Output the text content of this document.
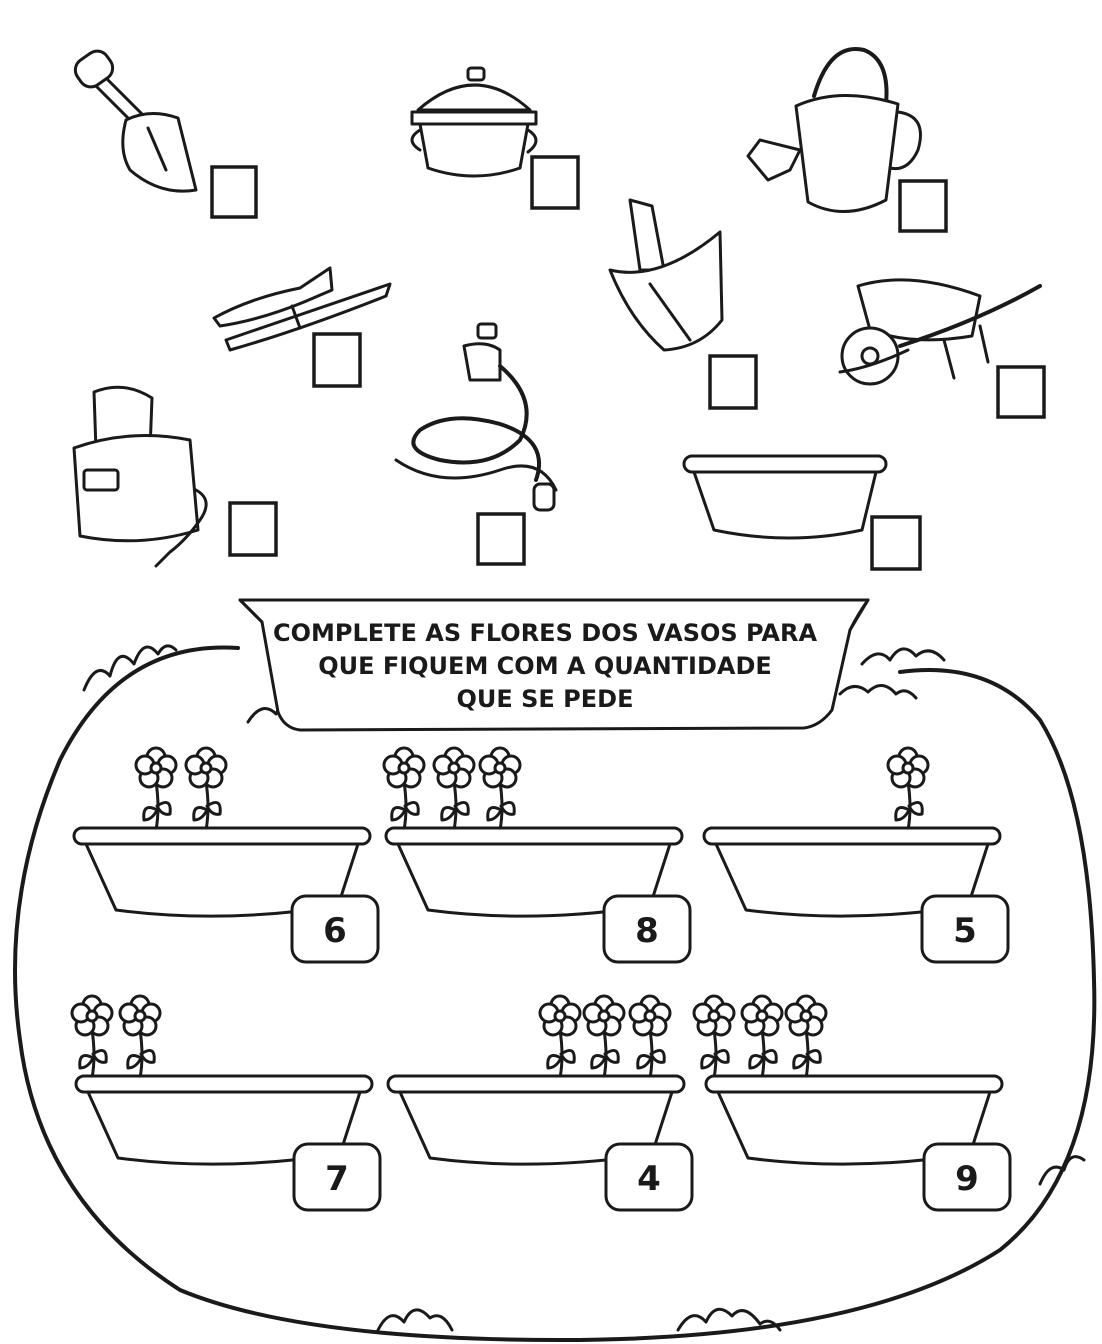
COMPLETE AS FLORES DOS VASOS PARA
QUE FIQUEM COM A QUANTIDADE
QUE SE PEDE
6	8	5
7	4	9
